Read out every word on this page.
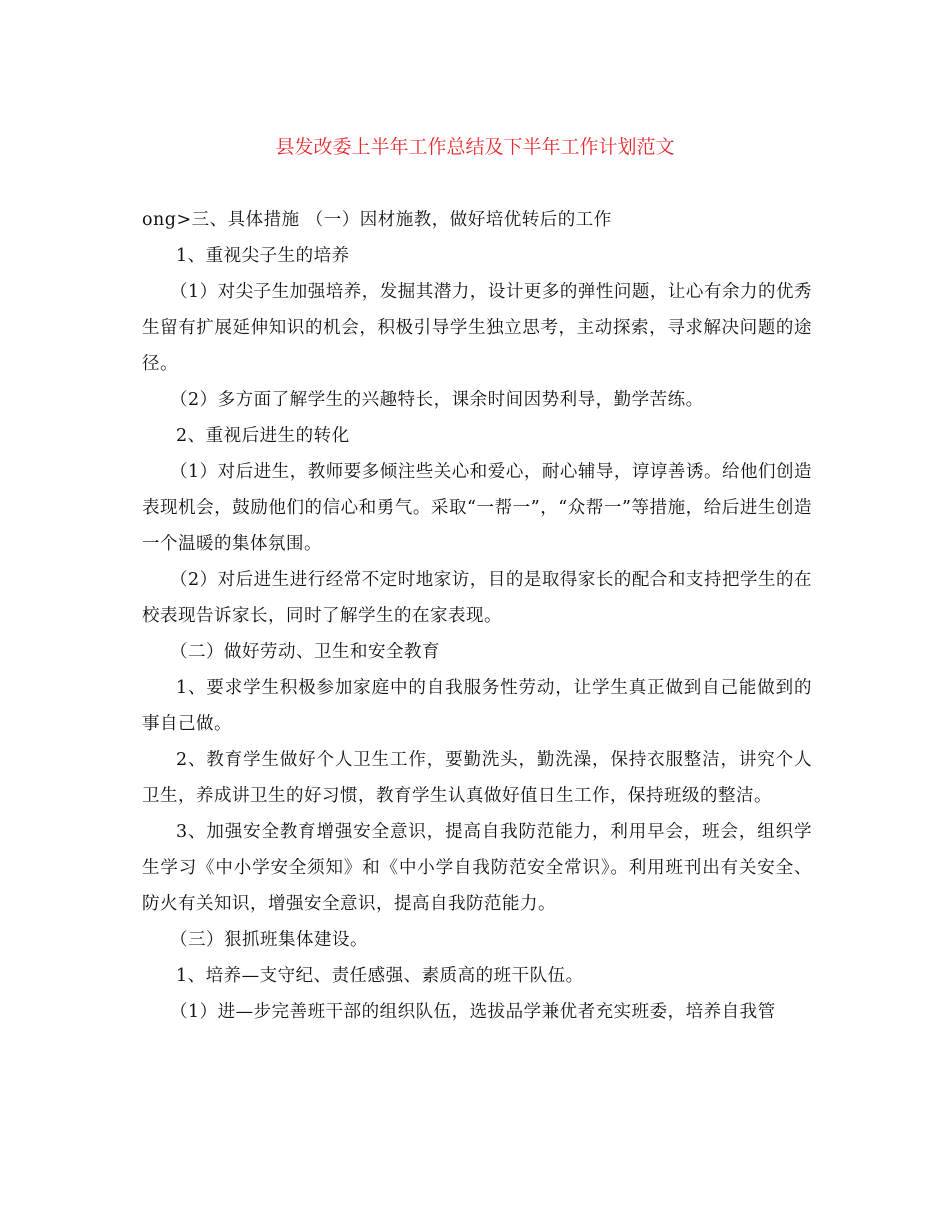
县发改委上半年工作总结及下半年工作计划范文

ong>三、具体措施 （一）因材施教，做好培优转后的工作

1、重视尖子生的培养

（1）对尖子生加强培养，发掘其潜力，设计更多的弹性问题，让心有余力的优秀生留有扩展延伸知识的机会，积极引导学生独立思考，主动探索，寻求解决问题的途径。

（2）多方面了解学生的兴趣特长，课余时间因势利导，勤学苦练。

2、重视后进生的转化

（1）对后进生，教师要多倾注些关心和爱心，耐心辅导，谆谆善诱。给他们创造表现机会，鼓励他们的信心和勇气。采取“一帮一”，“众帮一”等措施，给后进生创造一个温暖的集体氛围。

（2）对后进生进行经常不定时地家访，目的是取得家长的配合和支持把学生的在校表现告诉家长，同时了解学生的在家表现。

（二）做好劳动、卫生和安全教育

1、要求学生积极参加家庭中的自我服务性劳动，让学生真正做到自己能做到的事自己做。

2、教育学生做好个人卫生工作，要勤洗头，勤洗澡，保持衣服整洁，讲究个人卫生，养成讲卫生的好习惯，教育学生认真做好值日生工作，保持班级的整洁。

3、加强安全教育增强安全意识，提高自我防范能力，利用早会，班会，组织学生学习《中小学安全须知》和《中小学自我防范安全常识》。利用班刊出有关安全、防火有关知识，增强安全意识，提高自我防范能力。

（三）狠抓班集体建设。

1、培养—支守纪、责任感强、素质高的班干队伍。

（1）进—步完善班干部的组织队伍，选拔品学兼优者充实班委，培养自我管
